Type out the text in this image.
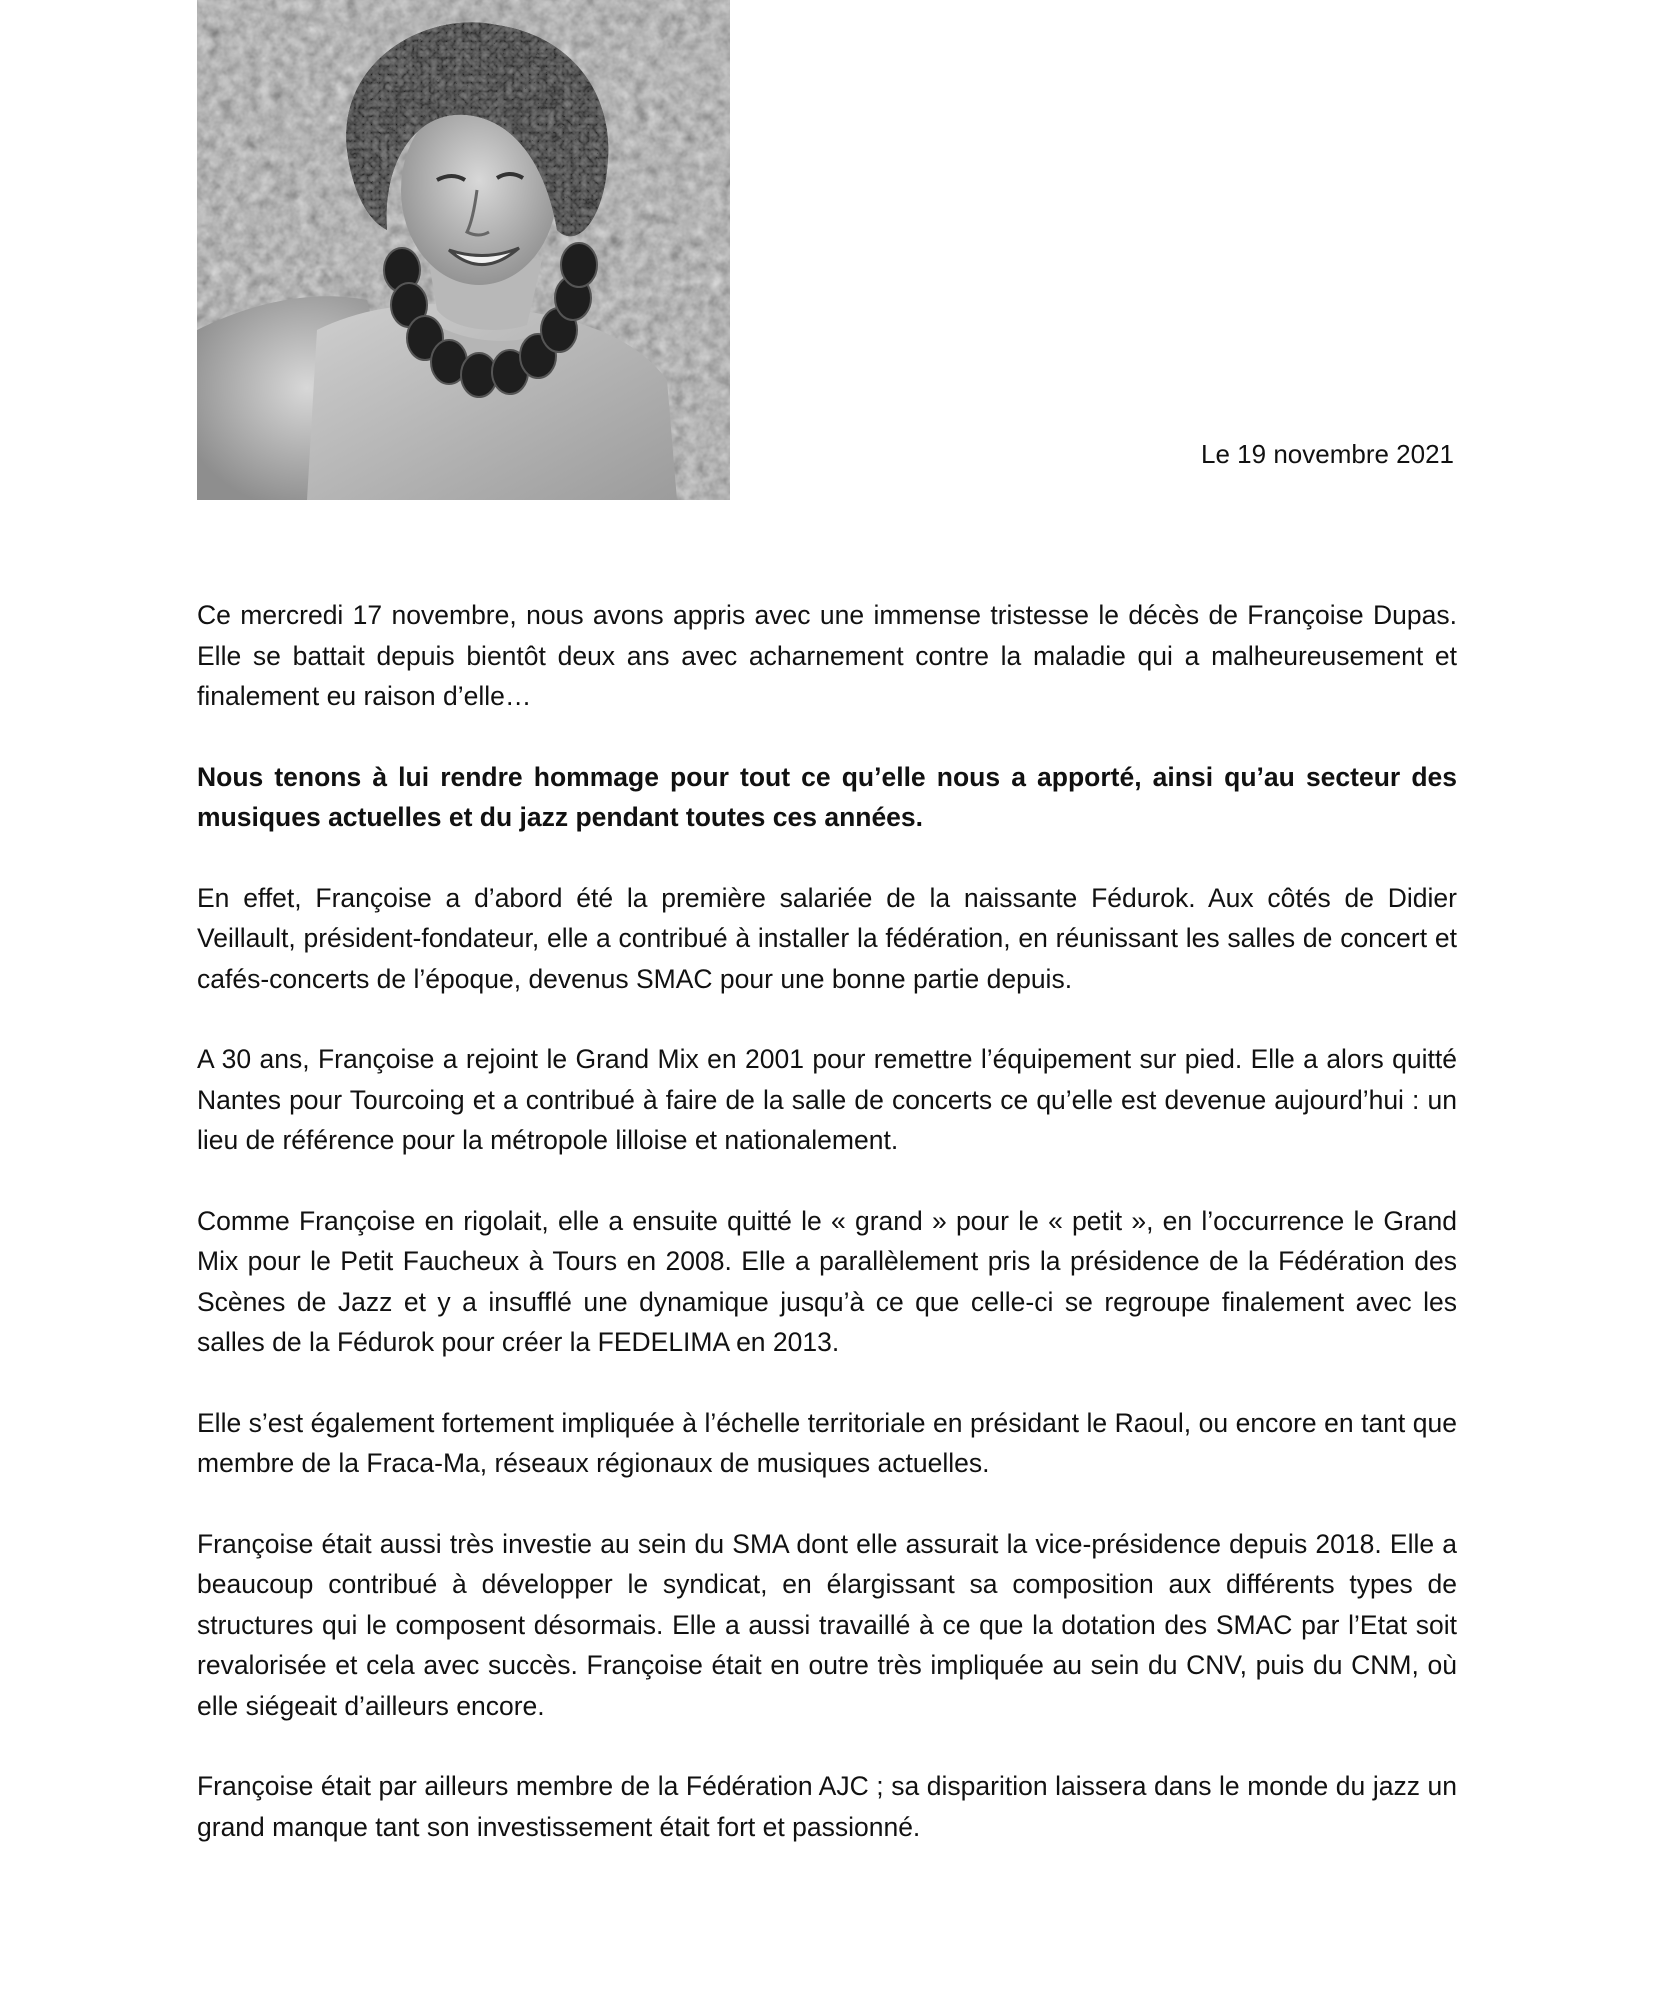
Le 19 novembre 2021

Ce mercredi 17 novembre, nous avons appris avec une immense tristesse le décès de Françoise Dupas. Elle se battait depuis bientôt deux ans avec acharnement contre la maladie qui a malheureusement et finalement eu raison d’elle…

Nous tenons à lui rendre hommage pour tout ce qu’elle nous a apporté, ainsi qu’au secteur des musiques actuelles et du jazz pendant toutes ces années.

En effet, Françoise a d’abord été la première salariée de la naissante Fédurok. Aux côtés de Didier Veillault, président-fondateur, elle a contribué à installer la fédération, en réunissant les salles de concert et cafés-concerts de l’époque, devenus SMAC pour une bonne partie depuis.

A 30 ans, Françoise a rejoint le Grand Mix en 2001 pour remettre l’équipement sur pied. Elle a alors quitté Nantes pour Tourcoing et a contribué à faire de la salle de concerts ce qu’elle est devenue aujourd’hui : un lieu de référence pour la métropole lilloise et nationalement.

Comme Françoise en rigolait, elle a ensuite quitté le « grand » pour le « petit », en l’occurrence le Grand Mix pour le Petit Faucheux à Tours en 2008. Elle a parallèlement pris la présidence de la Fédération des Scènes de Jazz et y a insufflé une dynamique jusqu’à ce que celle-ci se regroupe finalement avec les salles de la Fédurok pour créer la FEDELIMA en 2013.

Elle s’est également fortement impliquée à l’échelle territoriale en présidant le Raoul, ou encore en tant que membre de la Fraca-Ma, réseaux régionaux de musiques actuelles.

Françoise était aussi très investie au sein du SMA dont elle assurait la vice-présidence depuis 2018. Elle a beaucoup contribué à développer le syndicat, en élargissant sa composition aux différents types de structures qui le composent désormais. Elle a aussi travaillé à ce que la dotation des SMAC par l’Etat soit revalorisée et cela avec succès. Françoise était en outre très impliquée au sein du CNV, puis du CNM, où elle siégeait d’ailleurs encore.

Françoise était par ailleurs membre de la Fédération AJC ; sa disparition laissera dans le monde du jazz un grand manque tant son investissement était fort et passionné.
